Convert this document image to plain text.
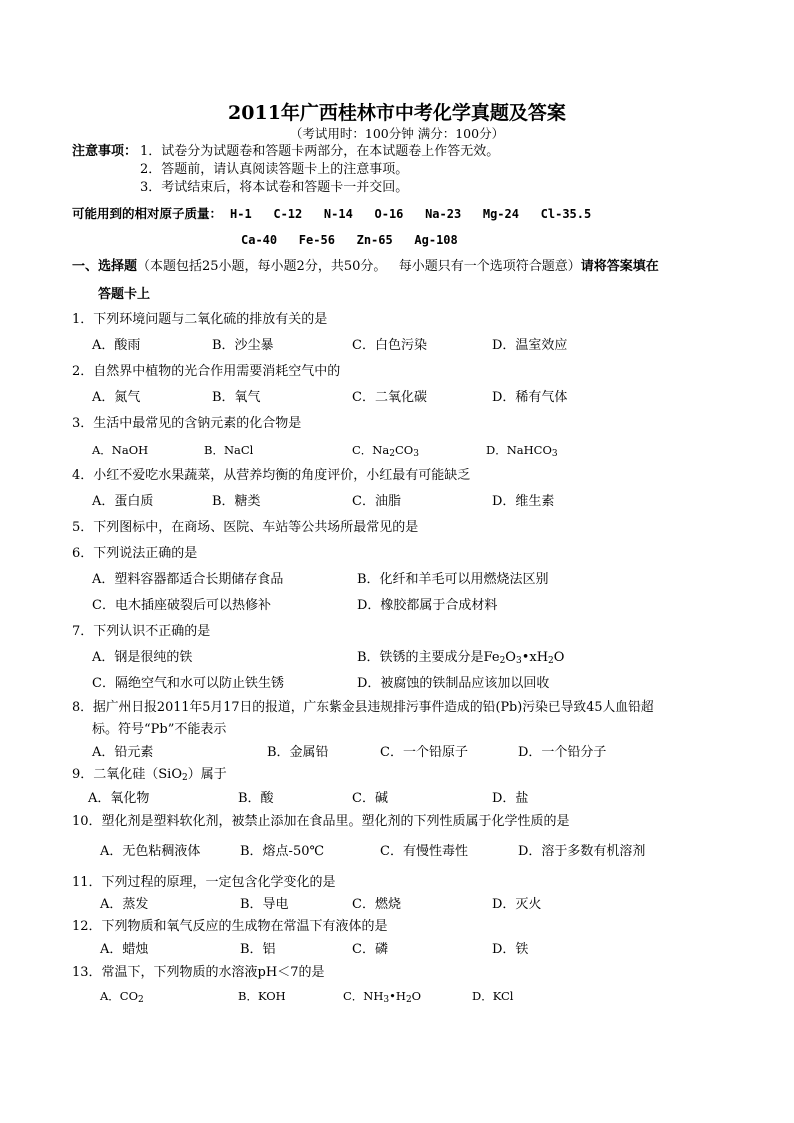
2011年广西桂林市中考化学真题及答案
（考试用时：100分钟 满分：100分）
注意事项： 1．试卷分为试题卷和答题卡两部分，在本试题卷上作答无效。
2．答题前，请认真阅读答题卡上的注意事项。
3．考试结束后，将本试卷和答题卡一并交回。
可能用到的相对原子质量： H-1   C-12   N-14   O-16   Na-23   Mg-24   Cl-35.5
Ca-40   Fe-56   Zn-65   Ag-108
一、选择题（本题包括25小题，每小题2分，共50分。   每小题只有一个选项符合题意）请将答案填在
答题卡上
1．下列环境问题与二氧化硫的排放有关的是
A．酸雨	B．沙尘暴	C．白色污染	D．温室效应
2．自然界中植物的光合作用需要消耗空气中的
A．氮气	B．氧气	C．二氧化碳	D．稀有气体
3．生活中最常见的含钠元素的化合物是
A．NaOH	B．NaCl	C．$Na_2CO_3$	D．NaHCO$_3$
4．小红不爱吃水果蔬菜，从营养均衡的角度评价，小红最有可能缺乏
A．蛋白质	B．糖类	C．油脂	D．维生素
5．下列图标中，在商场、医院、车站等公共场所最常见的是
6．下列说法正确的是
A．塑料容器都适合长期储存食品	B．化纤和羊毛可以用燃烧法区别
C．电木插座破裂后可以热修补	D．橡胶都属于合成材料
7．下列认识不正确的是
A．钢是很纯的铁	B．铁锈的主要成分是$Fe_2O_3•xH_2O$
C．隔绝空气和水可以防止铁生锈	D．被腐蚀的铁制品应该加以回收
8．据广州日报2011年5月17日的报道，广东紫金县违规排污事件造成的铅(Pb)污染已导致45人血铅超
标。符号“Pb”不能表示
A．铅元素	B．金属铅	C．一个铅原子	D．一个铅分子
9．二氧化硅（SiO$_2$）属于
A．氧化物	B．酸	C．碱	D．盐
10．塑化剂是塑料软化剂，被禁止添加在食品里。塑化剂的下列性质属于化学性质的是
A．无色粘稠液体	B．熔点-50℃	C．有慢性毒性	D．溶于多数有机溶剂
11．下列过程的原理，一定包含化学变化的是
A．蒸发	B．导电	C．燃烧	D．灭火
12．下列物质和氧气反应的生成物在常温下有液体的是
A．蜡烛	B．铝	C．磷	D．铁
13．常温下，下列物质的水溶液pH＜7的是
A．$CO_2$	B．KOH	C．$NH_3•H_2O$	D．KCl
